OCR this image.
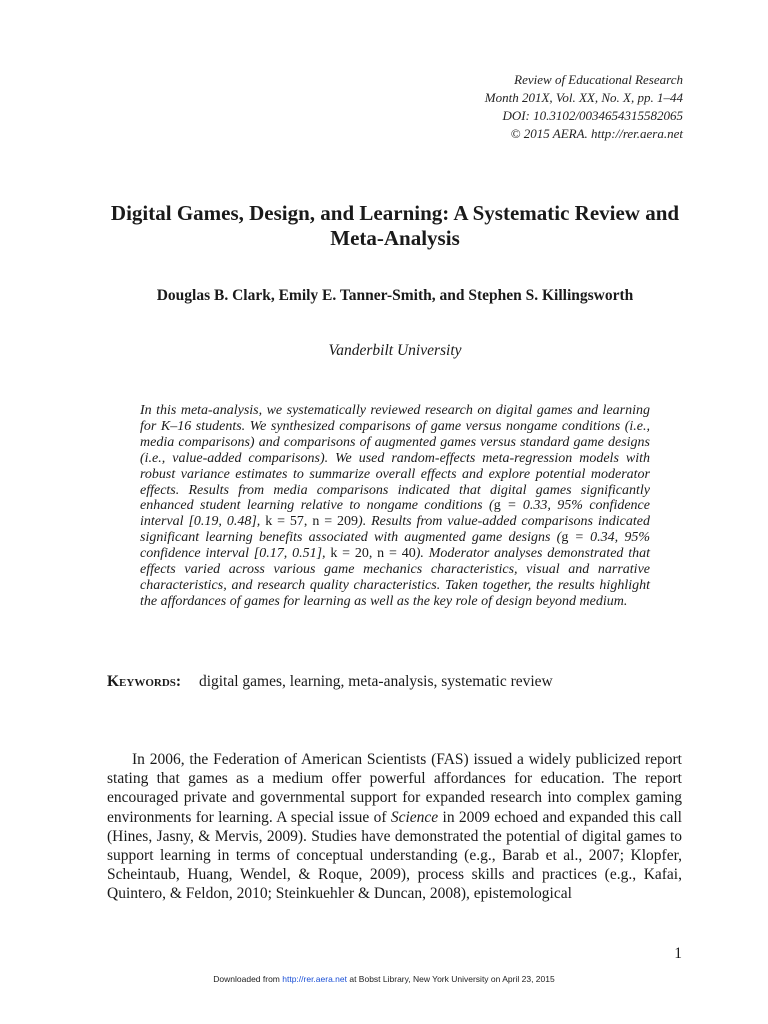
Review of Educational Research
Month 201X, Vol. XX, No. X, pp. 1–44
DOI: 10.3102/0034654315582065
© 2015 AERA. http://rer.aera.net
Digital Games, Design, and Learning: A Systematic Review and Meta-Analysis
Douglas B. Clark, Emily E. Tanner-Smith, and Stephen S. Killingsworth
Vanderbilt University
In this meta-analysis, we systematically reviewed research on digital games and learning for K–16 students. We synthesized comparisons of game versus nongame conditions (i.e., media comparisons) and comparisons of augmented games versus standard game designs (i.e., value-added comparisons). We used random-effects meta-regression models with robust variance estimates to summarize overall effects and explore potential moderator effects. Results from media comparisons indicated that digital games significantly enhanced student learning relative to nongame conditions (g = 0.33, 95% confidence interval [0.19, 0.48], k = 57, n = 209). Results from value-added comparisons indicated significant learning benefits associated with augmented game designs (g = 0.34, 95% confidence interval [0.17, 0.51], k = 20, n = 40). Moderator analyses demonstrated that effects varied across various game mechanics characteristics, visual and narrative characteristics, and research quality characteristics. Taken together, the results highlight the affordances of games for learning as well as the key role of design beyond medium.
Keywords: digital games, learning, meta-analysis, systematic review

In 2006, the Federation of American Scientists (FAS) issued a widely publicized report stating that games as a medium offer powerful affordances for education. The report encouraged private and governmental support for expanded research into complex gaming environments for learning. A special issue of Science in 2009 echoed and expanded this call (Hines, Jasny, & Mervis, 2009). Studies have demonstrated the potential of digital games to support learning in terms of conceptual understanding (e.g., Barab et al., 2007; Klopfer, Scheintaub, Huang, Wendel, & Roque, 2009), process skills and practices (e.g., Kafai, Quintero, & Feldon, 2010; Steinkuehler & Duncan, 2008), epistemological

1
Downloaded from http://rer.aera.net at Bobst Library, New York University on April 23, 2015
